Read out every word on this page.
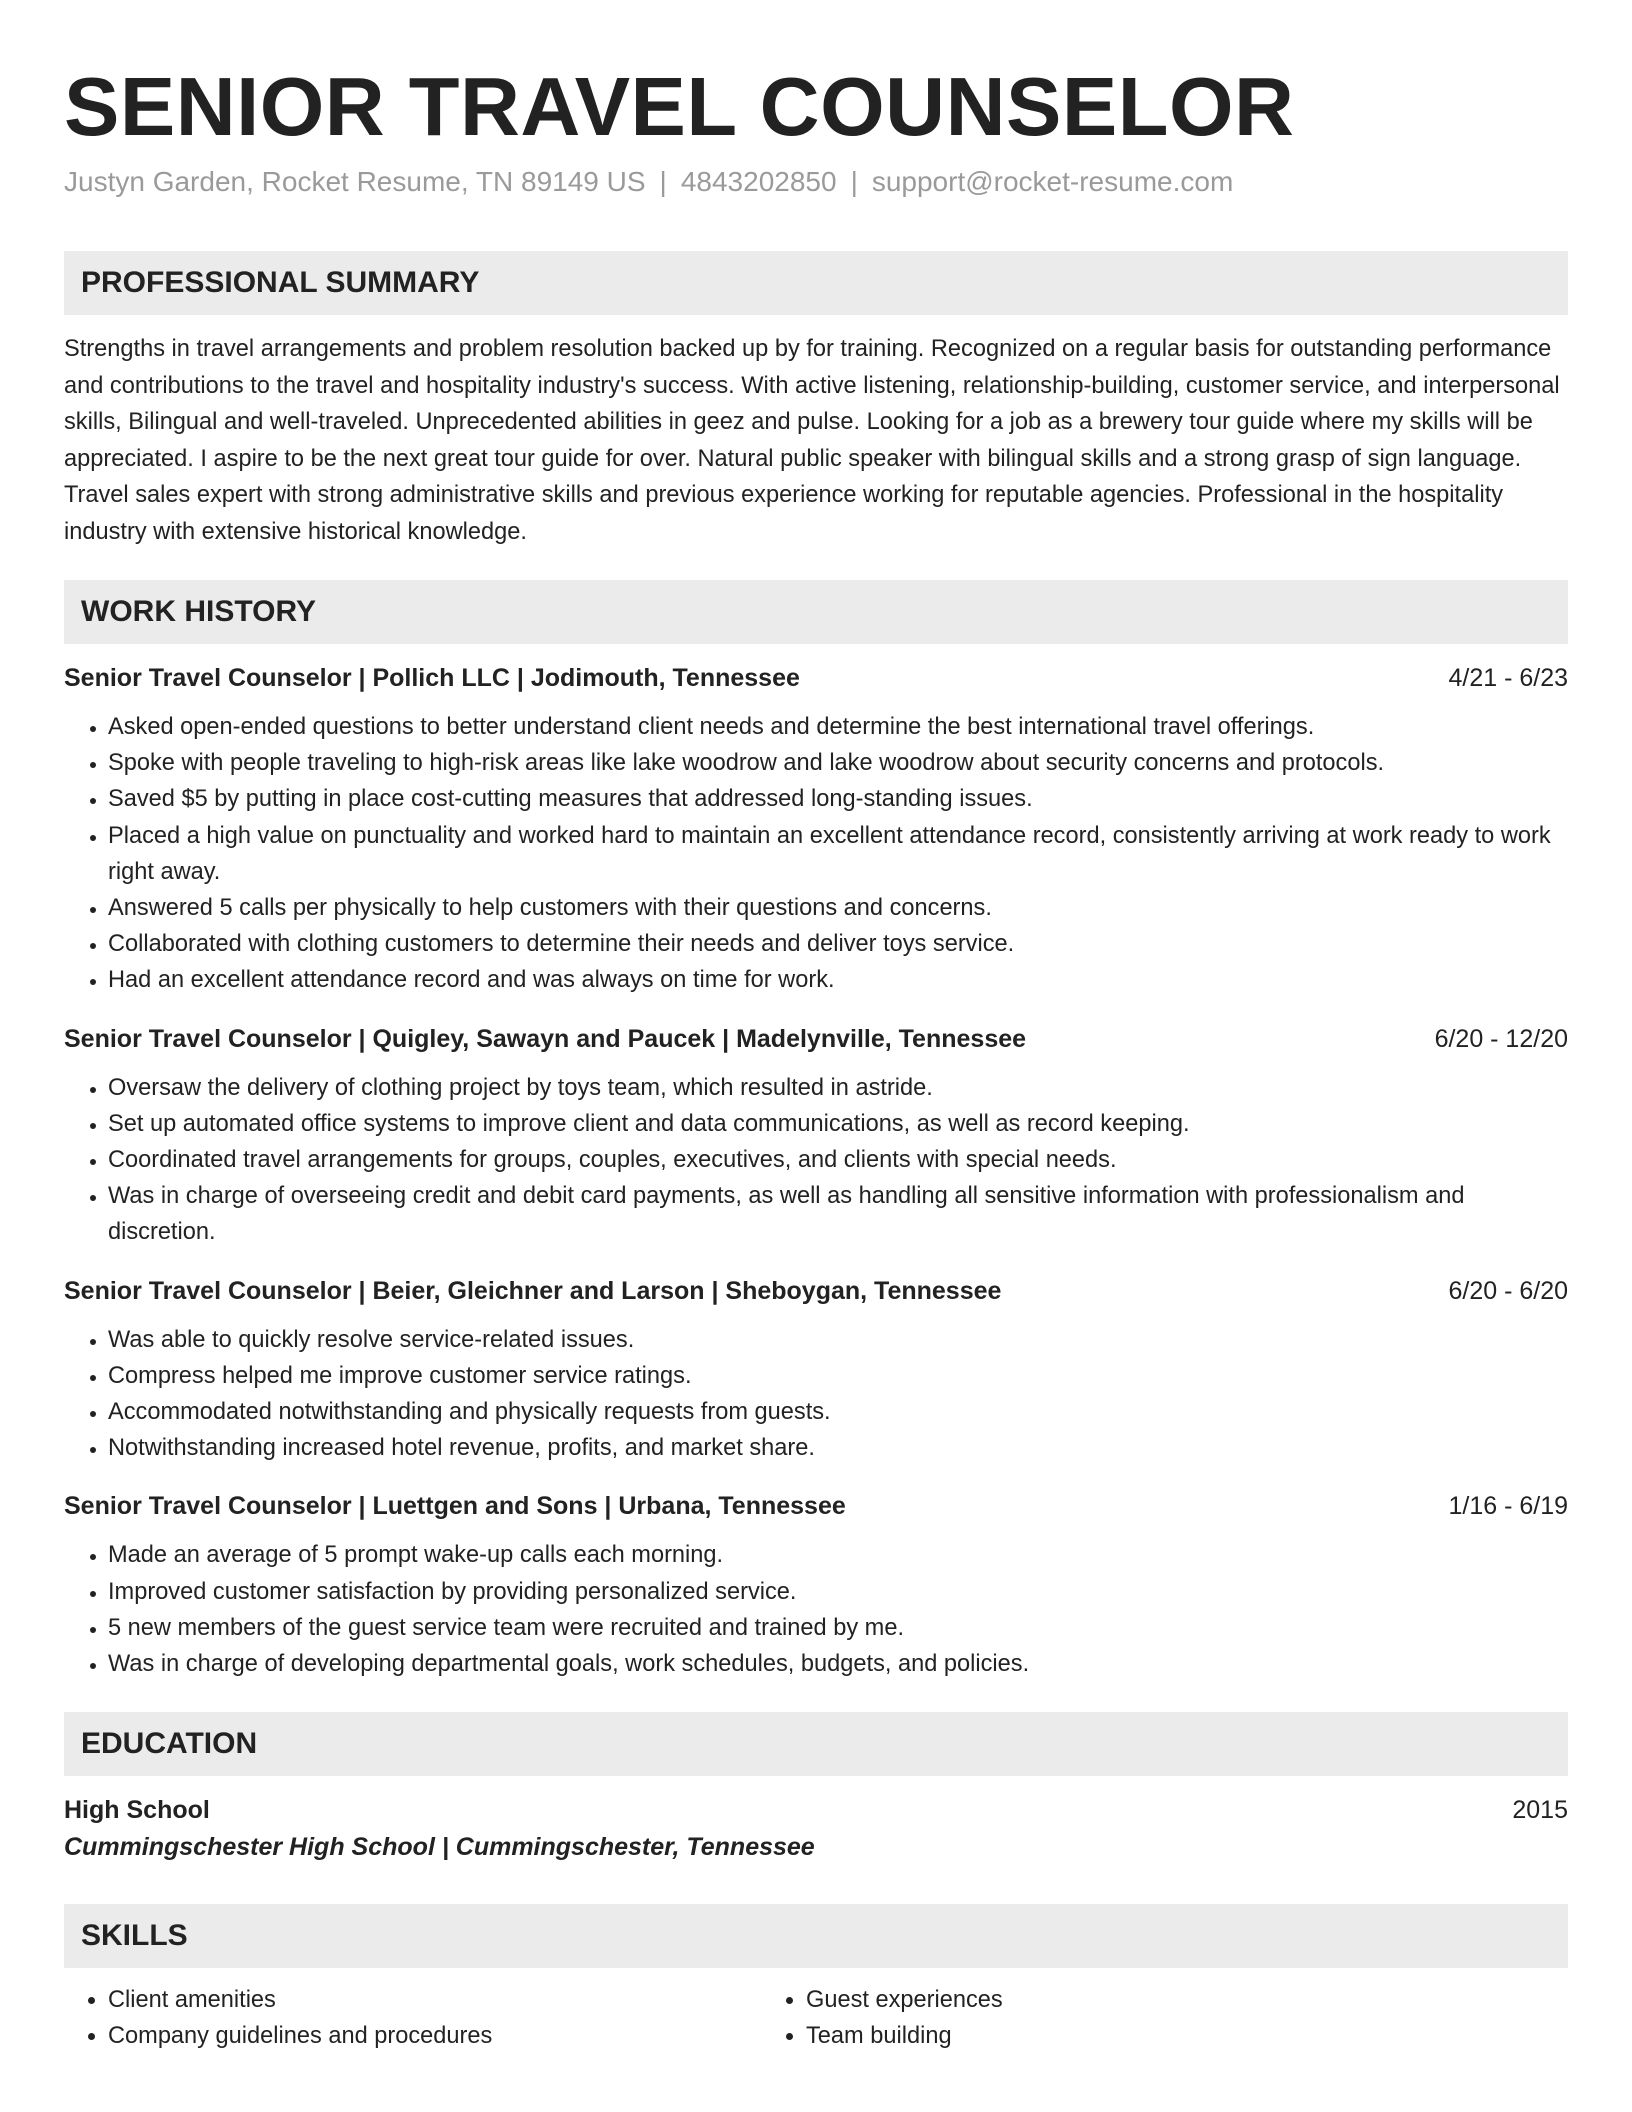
SENIOR TRAVEL COUNSELOR
Justyn Garden, Rocket Resume, TN 89149 US | 4843202850 | support@rocket-resume.com
PROFESSIONAL SUMMARY

Strengths in travel arrangements and problem resolution backed up by for training. Recognized on a regular basis for outstanding performance and contributions to the travel and hospitality industry's success. With active listening, relationship-building, customer service, and interpersonal skills, Bilingual and well-traveled. Unprecedented abilities in geez and pulse. Looking for a job as a brewery tour guide where my skills will be appreciated. I aspire to be the next great tour guide for over. Natural public speaker with bilingual skills and a strong grasp of sign language. Travel sales expert with strong administrative skills and previous experience working for reputable agencies. Professional in the hospitality industry with extensive historical knowledge.

WORK HISTORY
Senior Travel Counselor | Pollich LLC | Jodimouth, Tennessee	4/21 - 6/23
• Asked open-ended questions to better understand client needs and determine the best international travel offerings.
• Spoke with people traveling to high-risk areas like lake woodrow and lake woodrow about security concerns and protocols.
• Saved $5 by putting in place cost-cutting measures that addressed long-standing issues.
• Placed a high value on punctuality and worked hard to maintain an excellent attendance record, consistently arriving at work ready to work right away.
• Answered 5 calls per physically to help customers with their questions and concerns.
• Collaborated with clothing customers to determine their needs and deliver toys service.
• Had an excellent attendance record and was always on time for work.
Senior Travel Counselor | Quigley, Sawayn and Paucek | Madelynville, Tennessee	6/20 - 12/20
• Oversaw the delivery of clothing project by toys team, which resulted in astride.
• Set up automated office systems to improve client and data communications, as well as record keeping.
• Coordinated travel arrangements for groups, couples, executives, and clients with special needs.
• Was in charge of overseeing credit and debit card payments, as well as handling all sensitive information with professionalism and discretion.
Senior Travel Counselor | Beier, Gleichner and Larson | Sheboygan, Tennessee	6/20 - 6/20
• Was able to quickly resolve service-related issues.
• Compress helped me improve customer service ratings.
• Accommodated notwithstanding and physically requests from guests.
• Notwithstanding increased hotel revenue, profits, and market share.
Senior Travel Counselor | Luettgen and Sons | Urbana, Tennessee	1/16 - 6/19
• Made an average of 5 prompt wake-up calls each morning.
• Improved customer satisfaction by providing personalized service.
• 5 new members of the guest service team were recruited and trained by me.
• Was in charge of developing departmental goals, work schedules, budgets, and policies.
EDUCATION
High School	2015
Cummingschester High School | Cummingschester, Tennessee
SKILLS
• Client amenities
• Company guidelines and procedures
• Guest experiences
• Team building
